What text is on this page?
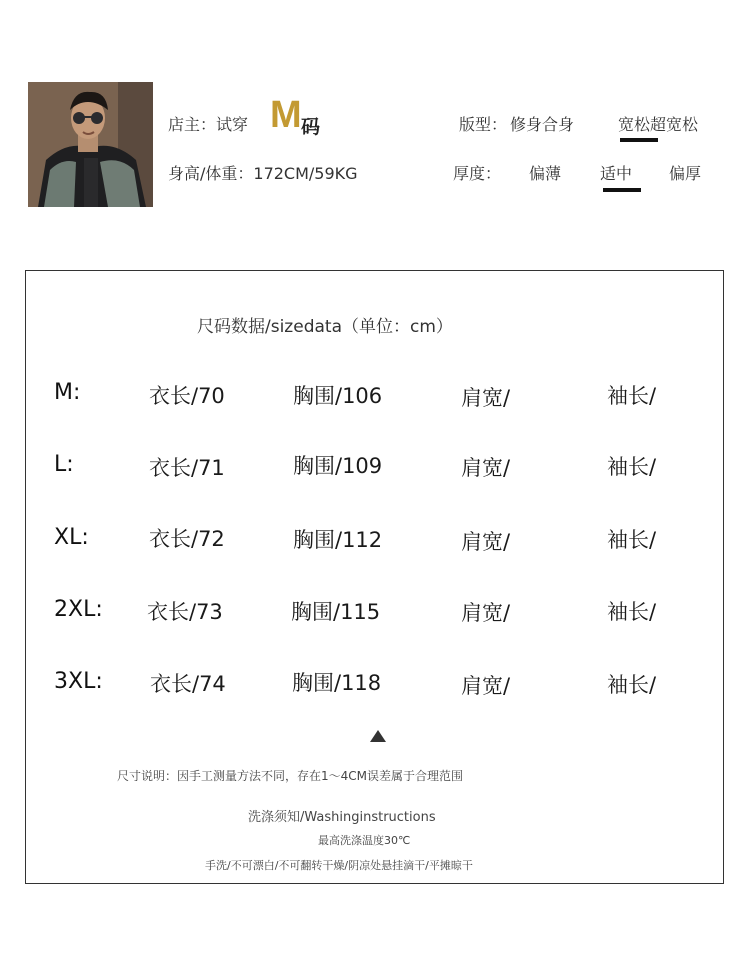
店主：试穿 M 码
身高/体重：172CM/59KG
版型： 修身合身	宽松超宽松
厚度： 偏薄 适中 偏厚
尺码数据/sizedata（单位：cm）
M:	衣长/70	胸围/106	肩宽/	袖长/
L:	衣长/71	胸围/109	肩宽/	袖长/
XL:	衣长/72	胸围/112	肩宽/	袖长/
2XL: 衣长/73	胸围/115	肩宽/	袖长/
3XL: 衣长/74	胸围/118	肩宽/	袖长/
尺寸说明：因手工测量方法不同，存在1～4CM误差属于合理范围
洗涤须知/Washinginstructions
最高洗涤温度30℃
手洗/不可漂白/不可翻转干燥/阴凉处悬挂滴干/平摊晾干
